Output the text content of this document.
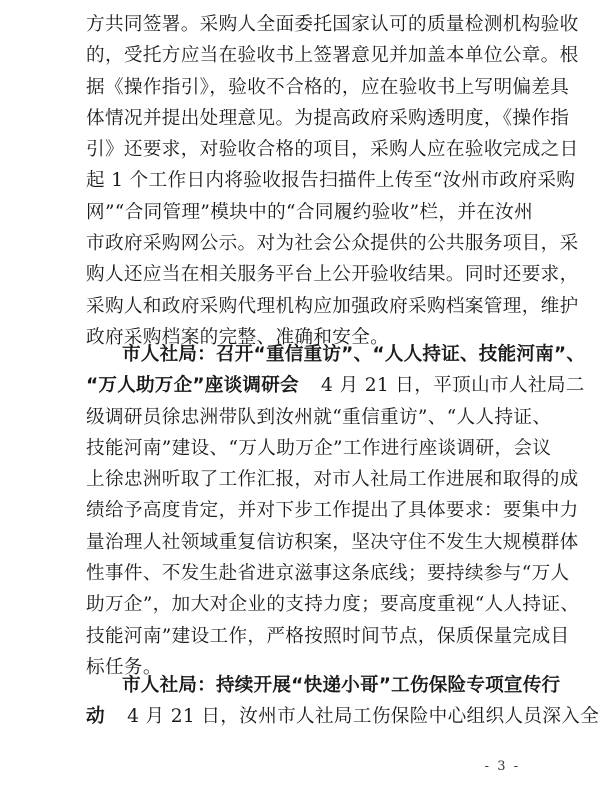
方共同签署。采购人全面委托国家认可的质量检测机构验收
的，受托方应当在验收书上签署意见并加盖本单位公章。根
据《操作指引》，验收不合格的，应在验收书上写明偏差具
体情况并提出处理意见。为提高政府采购透明度，《操作指
引》还要求，对验收合格的项目，采购人应在验收完成之日
起 1 个工作日内将验收报告扫描件上传至“汝州市政府采购
网”“合同管理”模块中的“合同履约验收”栏，并在汝州
市政府采购网公示。对为社会公众提供的公共服务项目，采
购人还应当在相关服务平台上公开验收结果。同时还要求，
采购人和政府采购代理机构应加强政府采购档案管理，维护
政府采购档案的完整、准确和安全。
市人社局：召开“重信重访”、“人人持证、技能河南”、
“万人助万企”座谈调研会 4 月 21 日，平顶山市人社局二
级调研员徐忠洲带队到汝州就“重信重访”、“人人持证、
技能河南”建设、“万人助万企”工作进行座谈调研，会议
上徐忠洲听取了工作汇报，对市人社局工作进展和取得的成
绩给予高度肯定，并对下步工作提出了具体要求：要集中力
量治理人社领域重复信访积案，坚决守住不发生大规模群体
性事件、不发生赴省进京滋事这条底线；要持续参与“万人
助万企”，加大对企业的支持力度；要高度重视“人人持证、
技能河南”建设工作，严格按照时间节点，保质保量完成目
标任务。
市人社局：持续开展“快递小哥”工伤保险专项宣传行
动 4 月 21 日，汝州市人社局工伤保险中心组织人员深入全
- 3 -
